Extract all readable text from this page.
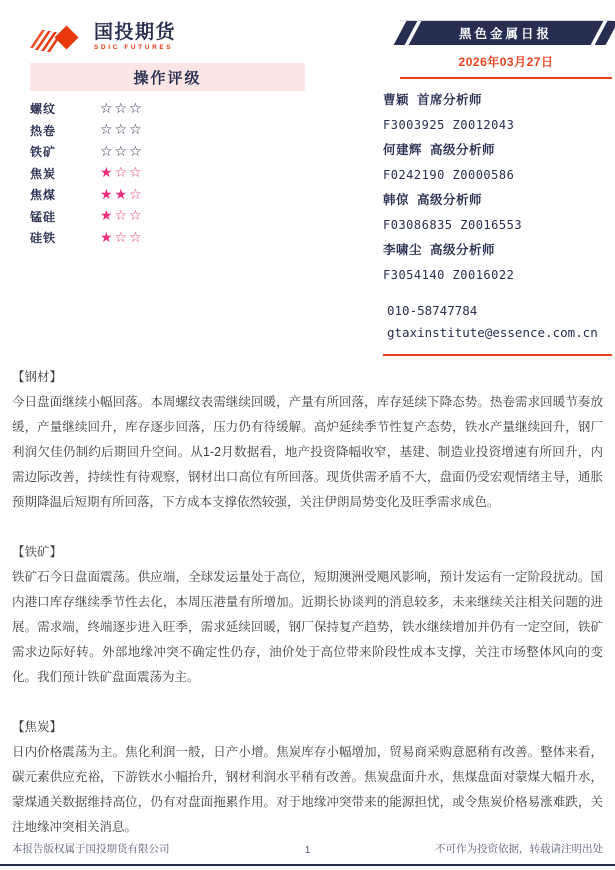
国投期货
SDIC FUTURES
黑色金属日报
2026年03月27日
操作评级
螺纹	☆☆☆
热卷	☆☆☆
铁矿	☆☆☆
焦炭	★☆☆
焦煤	★★☆
锰硅	★☆☆
硅铁	★☆☆
曹颖 首席分析师
F3003925 Z0012043
何建辉 高级分析师
F0242190 Z0000586
韩倞 高级分析师
F03086835 Z0016553
李啸尘 高级分析师
F3054140 Z0016022
010-58747784
gtaxinstitute@essence.com.cn
【钢材】

今日盘面继续小幅回落。本周螺纹表需继续回暖，产量有所回落，库存延续下降态势。热卷需求回暖节奏放缓，产量继续回升，库存逐步回落，压力仍有待缓解。高炉延续季节性复产态势，铁水产量继续回升，钢厂利润欠佳仍制约后期回升空间。从1-2月数据看，地产投资降幅收窄，基建、制造业投资增速有所回升，内需边际改善，持续性有待观察，钢材出口高位有所回落。现货供需矛盾不大，盘面仍受宏观情绪主导，通胀预期降温后短期有所回落，下方成本支撑依然较强，关注伊朗局势变化及旺季需求成色。

【铁矿】

铁矿石今日盘面震荡。供应端，全球发运量处于高位，短期澳洲受飓风影响，预计发运有一定阶段扰动。国内港口库存继续季节性去化，本周压港量有所增加。近期长协谈判的消息较多，未来继续关注相关问题的进展。需求端，终端逐步进入旺季，需求延续回暖，钢厂保持复产趋势，铁水继续增加并仍有一定空间，铁矿需求边际好转。外部地缘冲突不确定性仍存，油价处于高位带来阶段性成本支撑，关注市场整体风向的变化。我们预计铁矿盘面震荡为主。

【焦炭】

日内价格震荡为主。焦化利润一般，日产小增。焦炭库存小幅增加，贸易商采购意愿稍有改善。整体来看，碳元素供应充裕，下游铁水小幅抬升，钢材利润水平稍有改善。焦炭盘面升水，焦煤盘面对蒙煤大幅升水，蒙煤通关数据维持高位，仍有对盘面拖累作用。对于地缘冲突带来的能源担忧，或令焦炭价格易涨难跌，关注地缘冲突相关消息。

本报告版权属于国投期货有限公司	1	不可作为投资依据，转载请注明出处
